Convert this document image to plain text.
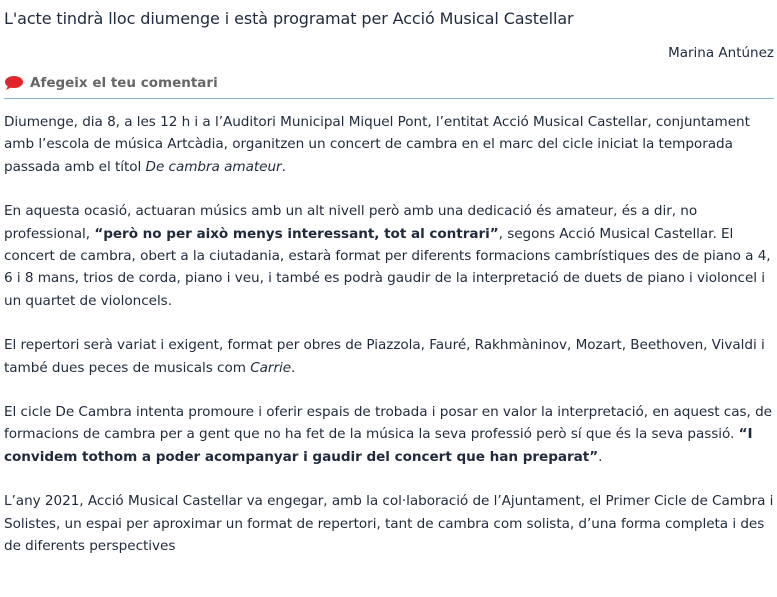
L'acte tindrà lloc diumenge i està programat per Acció Musical Castellar
Marina Antúnez
Afegeix el teu comentari

Diumenge, dia 8, a les 12 h i a l’Auditori Municipal Miquel Pont, l’entitat Acció Musical Castellar, conjuntament amb l’escola de música Artcàdia, organitzen un concert de cambra en el marc del cicle iniciat la temporada passada amb el títol De cambra amateur.

En aquesta ocasió, actuaran músics amb un alt nivell però amb una dedicació és amateur, és a dir, no professional, “però no per això menys interessant, tot al contrari”, segons Acció Musical Castellar. El concert de cambra, obert a la ciutadania, estarà format per diferents formacions cambrístiques des de piano a 4, 6 i 8 mans, trios de corda, piano i veu, i també es podrà gaudir de la interpretació de duets de piano i violoncel i un quartet de violoncels.

El repertori serà variat i exigent, format per obres de Piazzola, Fauré, Rakhmàninov, Mozart, Beethoven, Vivaldi i també dues peces de musicals com Carrie.

El cicle De Cambra intenta promoure i oferir espais de trobada i posar en valor la interpretació, en aquest cas, de formacions de cambra per a gent que no ha fet de la música la seva professió però sí que és la seva passió. “I convidem tothom a poder acompanyar i gaudir del concert que han preparat”.

L’any 2021, Acció Musical Castellar va engegar, amb la col·laboració de l’Ajuntament, el Primer Cicle de Cambra i Solistes, un espai per aproximar un format de repertori, tant de cambra com solista, d’una forma completa i des de diferents perspectives
